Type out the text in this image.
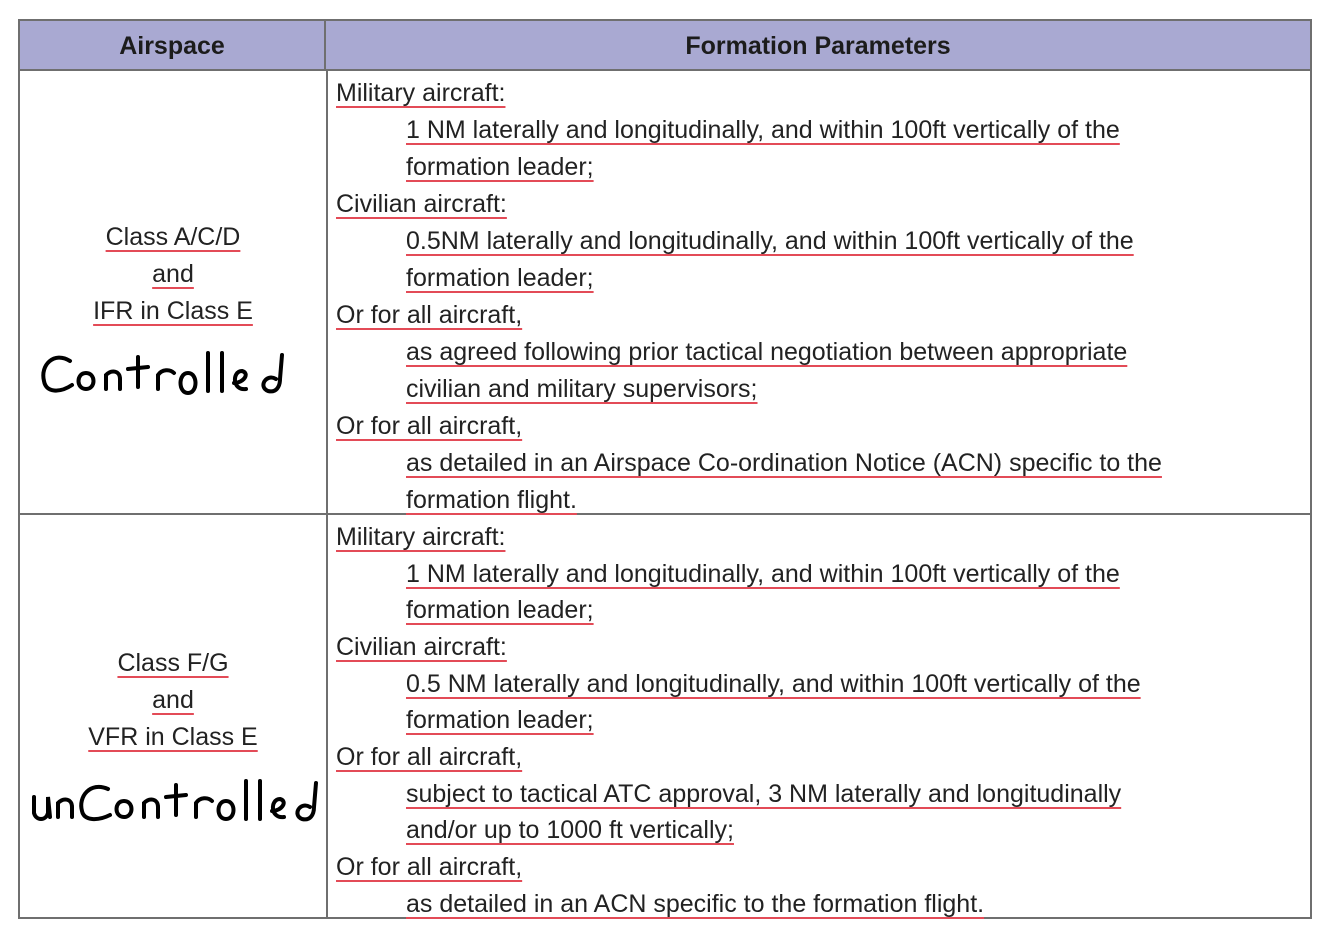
Airspace	Formation Parameters
Class A/C/D
and
IFR in Class E
Military aircraft:
1 NM laterally and longitudinally, and within 100ft vertically of the
formation leader;
Civilian aircraft:
0.5NM laterally and longitudinally, and within 100ft vertically of the
formation leader;
Or for all aircraft,
as agreed following prior tactical negotiation between appropriate
civilian and military supervisors;
Or for all aircraft,
as detailed in an Airspace Co-ordination Notice (ACN) specific to the
formation flight.
Class F/G
and
VFR in Class E
Military aircraft:
1 NM laterally and longitudinally, and within 100ft vertically of the
formation leader;
Civilian aircraft:
0.5 NM laterally and longitudinally, and within 100ft vertically of the
formation leader;
Or for all aircraft,
subject to tactical ATC approval, 3 NM laterally and longitudinally
and/or up to 1000 ft vertically;
Or for all aircraft,
as detailed in an ACN specific to the formation flight.
